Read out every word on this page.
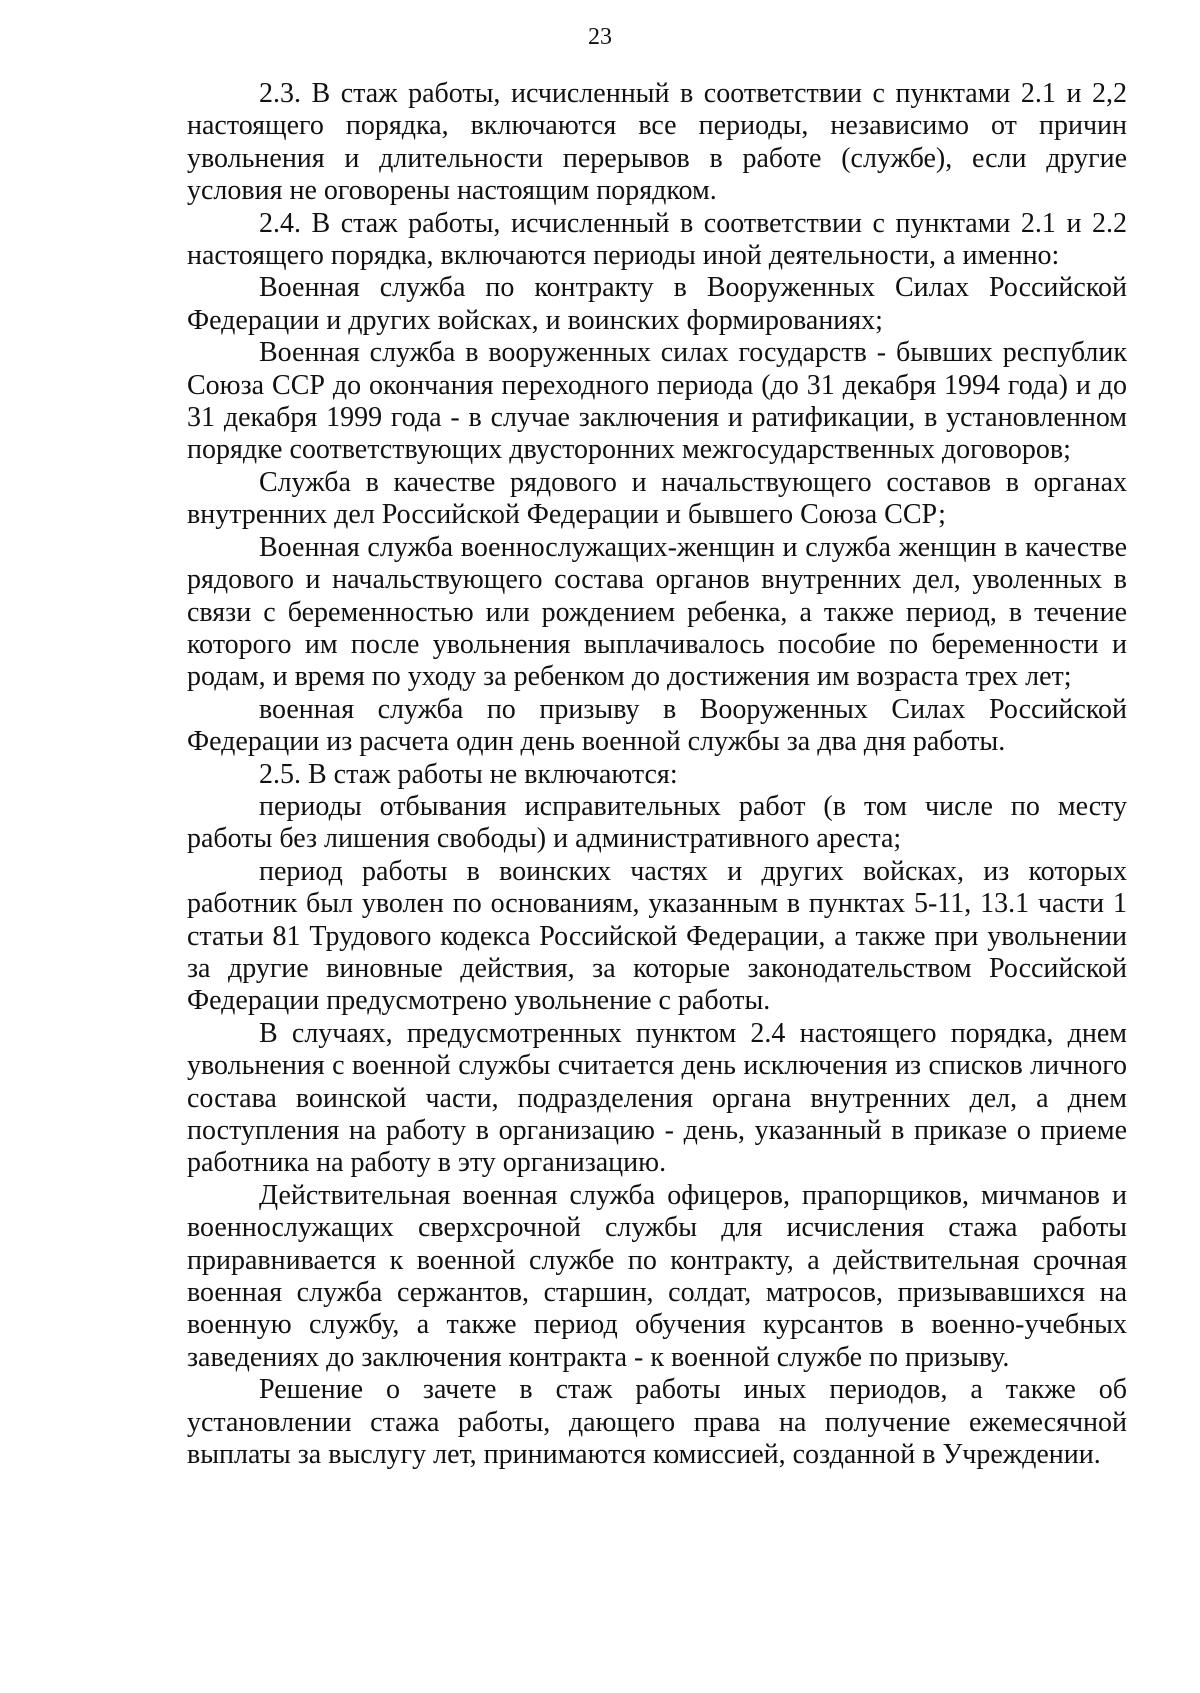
23

2.3. В стаж работы, исчисленный в соответствии с пунктами 2.1 и 2,2 настоящего порядка, включаются все периоды, независимо от причин увольнения и длительности перерывов в работе (службе), если другие условия не оговорены настоящим порядком.

2.4. В стаж работы, исчисленный в соответствии с пунктами 2.1 и 2.2 настоящего порядка, включаются периоды иной деятельности, а именно:

Военная служба по контракту в Вооруженных Силах Российской Федерации и других войсках, и воинских формированиях;

Военная служба в вооруженных силах государств - бывших республик Союза ССР до окончания переходного периода (до 31 декабря 1994 года) и до 31 декабря 1999 года - в случае заключения и ратификации, в установленном порядке соответствующих двусторонних межгосударственных договоров;

Служба в качестве рядового и начальствующего составов в органах внутренних дел Российской Федерации и бывшего Союза ССР;

Военная служба военнослужащих-женщин и служба женщин в качестве рядового и начальствующего состава органов внутренних дел, уволенных в связи с беременностью или рождением ребенка, а также период, в течение которого им после увольнения выплачивалось пособие по беременности и родам, и время по уходу за ребенком до достижения им возраста трех лет;

военная служба по призыву в Вооруженных Силах Российской Федерации из расчета один день военной службы за два дня работы.

2.5. В стаж работы не включаются:

периоды отбывания исправительных работ (в том числе по месту работы без лишения свободы) и административного ареста;

период работы в воинских частях и других войсках, из которых работник был уволен по основаниям, указанным в пунктах 5-11, 13.1 части 1 статьи 81 Трудового кодекса Российской Федерации, а также при увольнении за другие виновные действия, за которые законодательством Российской Федерации предусмотрено увольнение с работы.

В случаях, предусмотренных пунктом 2.4 настоящего порядка, днем увольнения с военной службы считается день исключения из списков личного состава воинской части, подразделения органа внутренних дел, а днем поступления на работу в организацию - день, указанный в приказе о приеме работника на работу в эту организацию.

Действительная военная служба офицеров, прапорщиков, мичманов и военнослужащих сверхсрочной службы для исчисления стажа работы приравнивается к военной службе по контракту, а действительная срочная военная служба сержантов, старшин, солдат, матросов, призывавшихся на военную службу, а также период обучения курсантов в военно-учебных заведениях до заключения контракта - к военной службе по призыву.

Решение о зачете в стаж работы иных периодов, а также об установлении стажа работы, дающего права на получение ежемесячной выплаты за выслугу лет, принимаются комиссией, созданной в Учреждении.
